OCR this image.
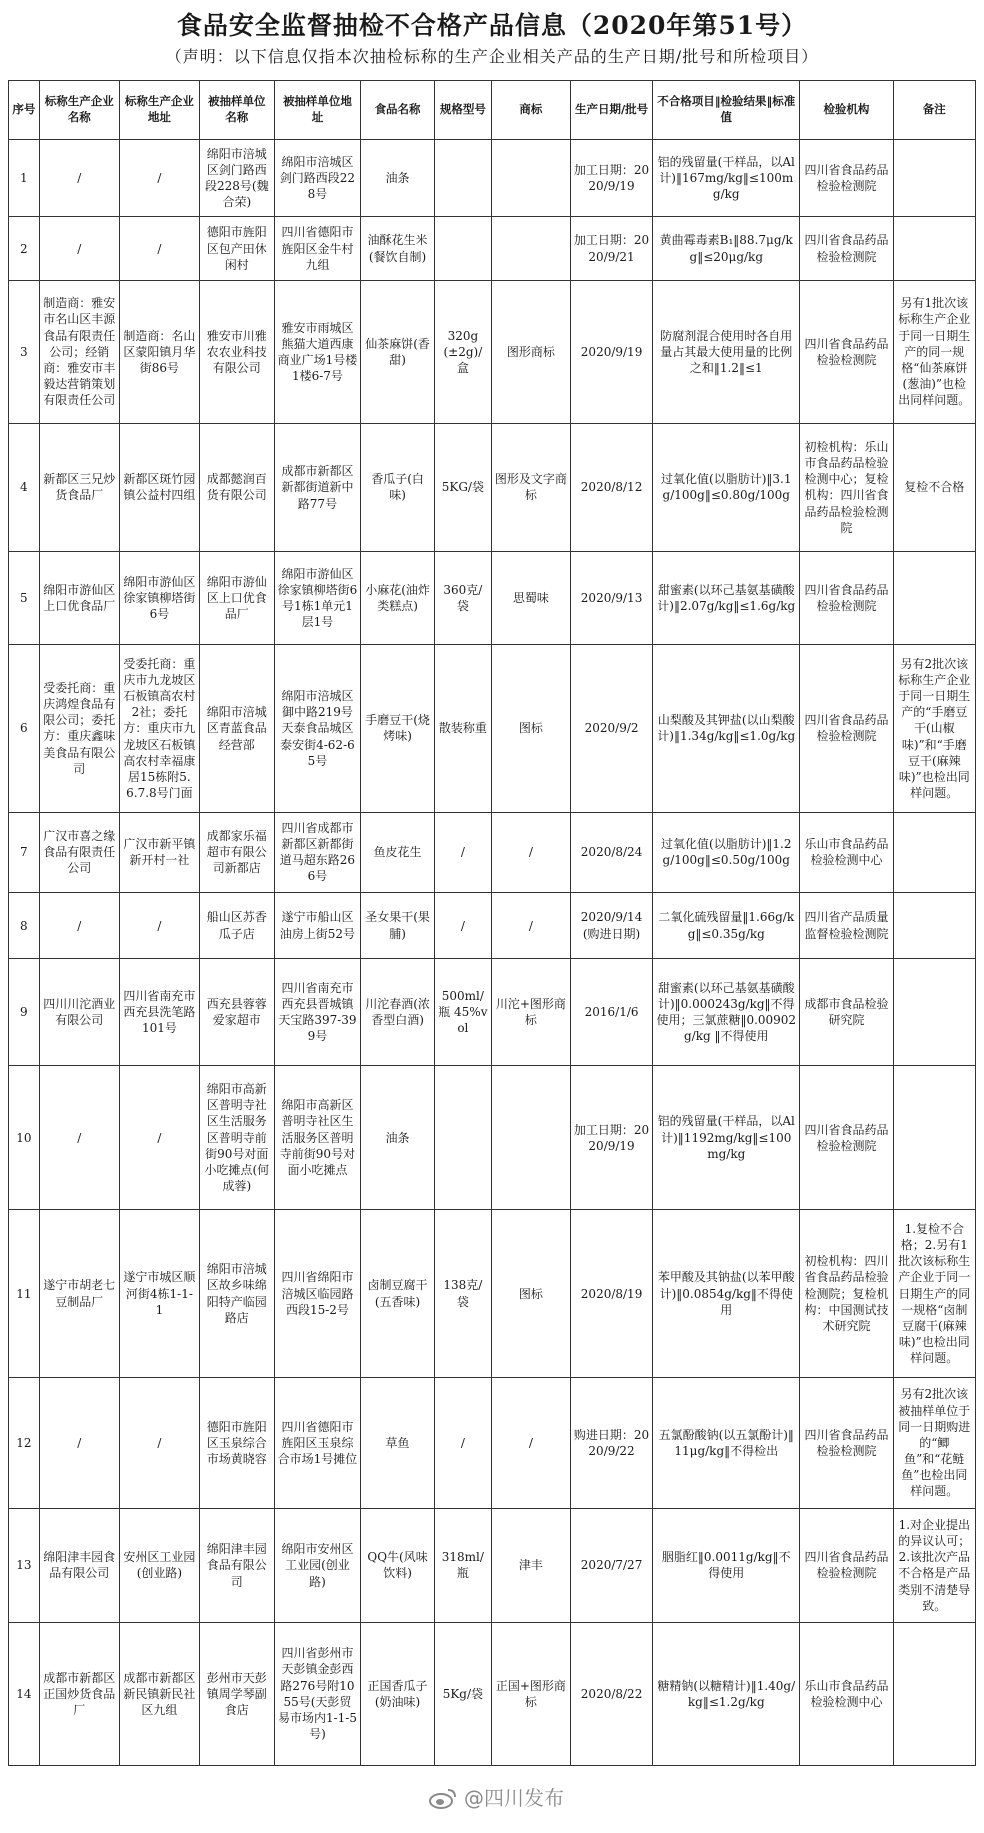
食品安全监督抽检不合格产品信息（2020年第51号）
（声明：以下信息仅指本次抽检标称的生产企业相关产品的生产日期/批号和所检项目）
序号	标称生产企业名称	标称生产企业地址	被抽样单位名称	被抽样单位地址	食品名称	规格型号	商标	生产日期/批号	不合格项目‖检验结果‖标准值	检验机构	备注
1	/	/	绵阳市涪城区剑门路西段228号(魏合荣)	绵阳市涪城区剑门路西段228号	油条			加工日期：2020/9/19	铝的残留量(干样品，以Al计)‖167mg/kg‖≤100mg/kg	四川省食品药品检验检测院	
2	/	/	德阳市旌阳区包产田休闲村	四川省德阳市旌阳区金牛村九组	油酥花生米(餐饮自制)			加工日期：2020/9/21	黄曲霉毒素B₁‖88.7μg/kg‖≤20μg/kg	四川省食品药品检验检测院	
3	制造商：雅安市名山区丰源食品有限责任公司；经销商：雅安市丰毅达营销策划有限责任公司	制造商：名山区蒙阳镇月华街86号	雅安市川雅农农业科技有限公司	雅安市雨城区熊猫大道西康商业广场1号楼1楼6-7号	仙茶麻饼(香甜)	320g(±2g)/盒	图形商标	2020/9/19	防腐剂混合使用时各自用量占其最大使用量的比例之和‖1.2‖≤1	四川省食品药品检验检测院	另有1批次该标称生产企业于同一日期生产的同一规格“仙茶麻饼(葱油)”也检出同样问题。
4	新都区三兄炒货食品厂	新都区斑竹园镇公益村四组	成都懿润百货有限公司	成都市新都区新都街道新中路77号	香瓜子(白味)	5KG/袋	图形及文字商标	2020/8/12	过氧化值(以脂肪计)‖3.1g/100g‖≤0.80g/100g	初检机构：乐山市食品药品检验检测中心；复检机构：四川省食品药品检验检测院	复检不合格
5	绵阳市游仙区上口优食品厂	绵阳市游仙区徐家镇柳塔街6号	绵阳市游仙区上口优食品厂	绵阳市游仙区徐家镇柳塔街6号1栋1单元1层1号	小麻花(油炸类糕点)	360克/袋	思蜀味	2020/9/13	甜蜜素(以环己基氨基磺酸计)‖2.07g/kg‖≤1.6g/kg	四川省食品药品检验检测院	
6	受委托商：重庆鸿煌食品有限公司；委托方：重庆鑫味美食品有限公司	受委托商：重庆市九龙坡区石板镇高农村2社；委托方：重庆市九龙坡区石板镇高农村幸福康居15栋附5.6.7.8号门面	绵阳市涪城区青蓝食品经营部	绵阳市涪城区御中路219号天泰食品城区泰安街4-62-65号	手磨豆干(烧烤味)	散装称重	图标	2020/9/2	山梨酸及其钾盐(以山梨酸计)‖1.34g/kg‖≤1.0g/kg	四川省食品药品检验检测院	另有2批次该标称生产企业于同一日期生产的“手磨豆干(山椒味)”和“手磨豆干(麻辣味)”也检出同样问题。
7	广汉市喜之缘食品有限责任公司	广汉市新平镇新开村一社	成都家乐福超市有限公司新都店	四川省成都市新都区新都街道马超东路266号	鱼皮花生	/	/	2020/8/24	过氧化值(以脂肪计)‖1.2g/100g‖≤0.50g/100g	乐山市食品药品检验检测中心	
8	/	/	船山区苏香瓜子店	遂宁市船山区油房上街52号	圣女果干(果脯)	/	/	2020/9/14(购进日期)	二氧化硫残留量‖1.66g/kg‖≤0.35g/kg	四川省产品质量监督检验检测院	
9	四川川沱酒业有限公司	四川省南充市西充县洗笔路101号	西充县蓉蓉爱家超市	四川省南充市西充县晋城镇天宝路397-399号	川沱春酒(浓香型白酒)	500ml/瓶 45%vol	川沱+图形商标	2016/1/6	甜蜜素(以环己基氨基磺酸计)‖0.000243g/kg‖不得使用；三氯蔗糖‖0.00902 g/kg ‖不得使用	成都市食品检验研究院	
10	/	/	绵阳市高新区普明寺社区生活服务区普明寺前街90号对面小吃摊点(何成蓉)	绵阳市高新区普明寺社区生活服务区普明寺前街90号对面小吃摊点	油条			加工日期：2020/9/19	铝的残留量(干样品，以Al计)‖1192mg/kg‖≤100mg/kg	四川省食品药品检验检测院	
11	遂宁市胡老七豆制品厂	遂宁市城区顺河街4栋1-1-1	绵阳市涪城区故乡味绵阳特产临园路店	四川省绵阳市涪城区临园路西段15-2号	卤制豆腐干(五香味)	138克/袋	图标	2020/8/19	苯甲酸及其钠盐(以苯甲酸计)‖0.0854g/kg‖不得使用	初检机构：四川省食品药品检验检测院；复检机构：中国测试技术研究院	1.复检不合格；2.另有1批次该标称生产企业于同一日期生产的同一规格“卤制豆腐干(麻辣味)”也检出同样问题。
12	/	/	德阳市旌阳区玉泉综合市场黄晓容	四川省德阳市旌阳区玉泉综合市场1号摊位	草鱼	/	/	购进日期：2020/9/22	五氯酚酸钠(以五氯酚计)‖11μg/kg‖不得检出	四川省食品药品检验检测院	另有2批次该被抽样单位于同一日期购进的“鲫鱼”和“花鲢鱼”也检出同样问题。
13	绵阳津丰园食品有限公司	安州区工业园(创业路)	绵阳津丰园食品有限公司	绵阳市安州区工业园(创业路)	QQ牛(风味饮料)	318ml/瓶	津丰	2020/7/27	胭脂红‖0.0011g/kg‖不得使用	四川省食品药品检验检测院	1.对企业提出的异议认可；2.该批次产品不合格是产品类别不清楚导致。
14	成都市新都区正国炒货食品厂	成都市新都区新民镇新民社区九组	彭州市天彭镇周学琴副食店	四川省彭州市天彭镇金彭西路276号附1055号(天彭贸易市场内1-1-5号)	正国香瓜子(奶油味)	5Kg/袋	正国+图形商标	2020/8/22	糖精钠(以糖精计)‖1.40g/kg‖≤1.2g/kg	乐山市食品药品检验检测中心	
@四川发布
